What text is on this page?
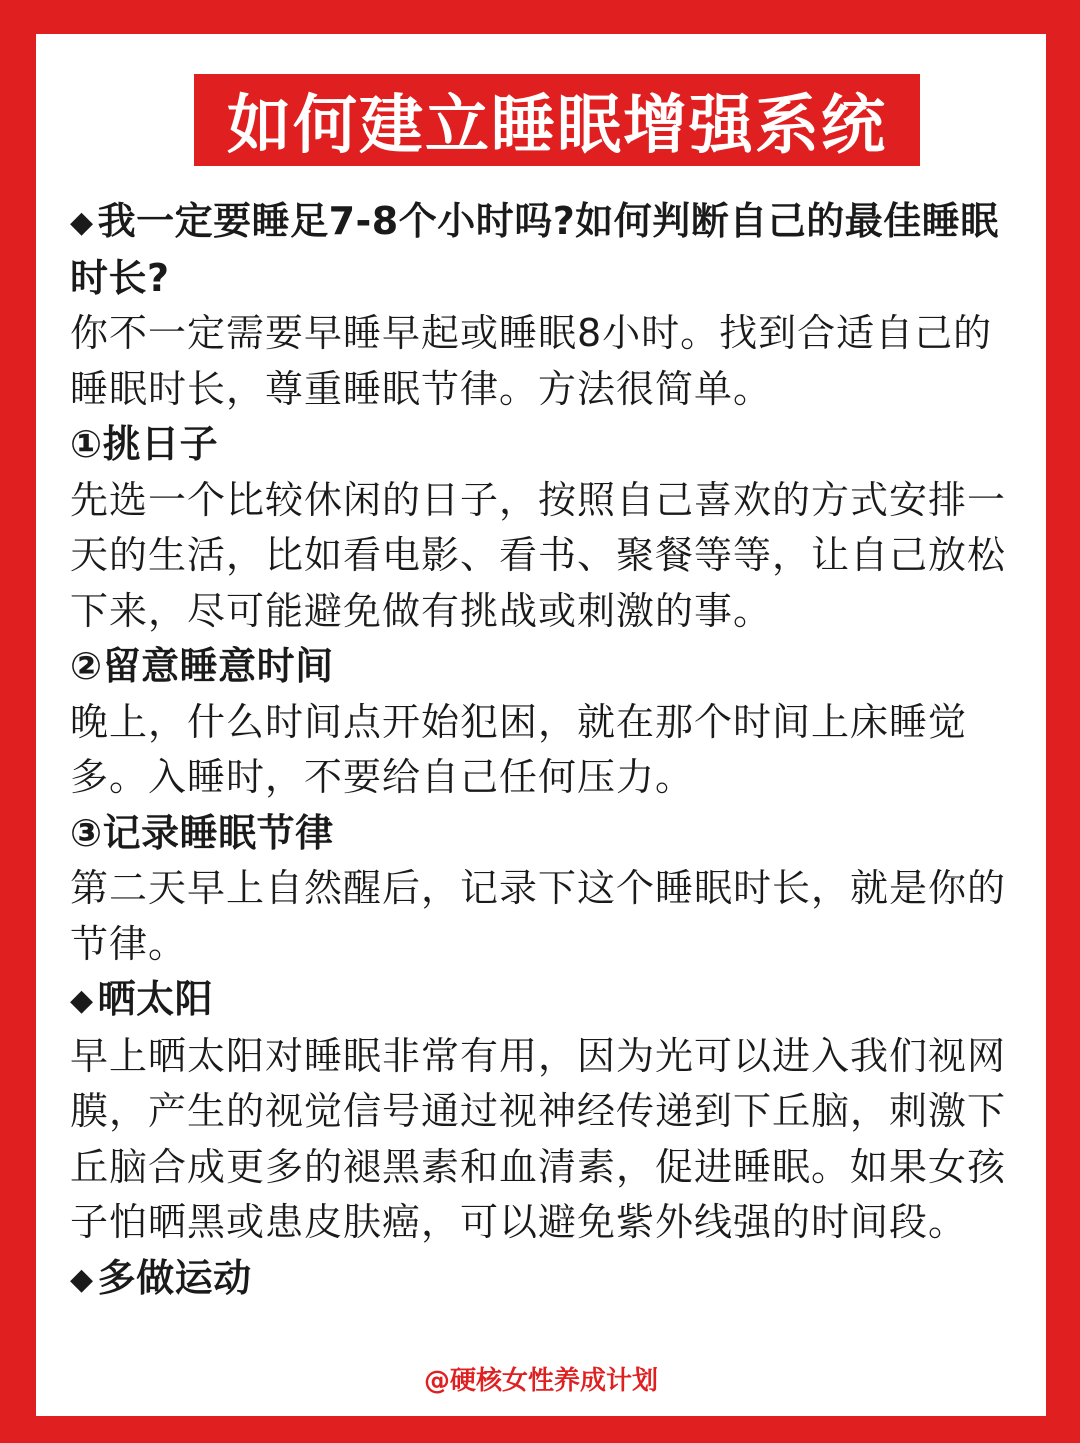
如何建立睡眠增强系统

◆ 我一定要睡足7-8个小时吗?如何判断自己的最佳睡眠时长?

你不一定需要早睡早起或睡眠8小时。找到合适自己的睡眠时长，尊重睡眠节律。方法很简单。

①挑日子

先选一个比较休闲的日子，按照自己喜欢的方式安排一天的生活，比如看电影、看书、聚餐等等，让自己放松下来，尽可能避免做有挑战或刺激的事。

②留意睡意时间

晚上，什么时间点开始犯困，就在那个时间上床睡觉多。入睡时，不要给自己任何压力。

③记录睡眠节律

第二天早上自然醒后，记录下这个睡眠时长，就是你的节律。

◆ 晒太阳

早上晒太阳对睡眠非常有用，因为光可以进入我们视网膜，产生的视觉信号通过视神经传递到下丘脑，刺激下丘脑合成更多的褪黑素和血清素，促进睡眠。如果女孩子怕晒黑或患皮肤癌，可以避免紫外线强的时间段。

◆ 多做运动

@硬核女性养成计划
